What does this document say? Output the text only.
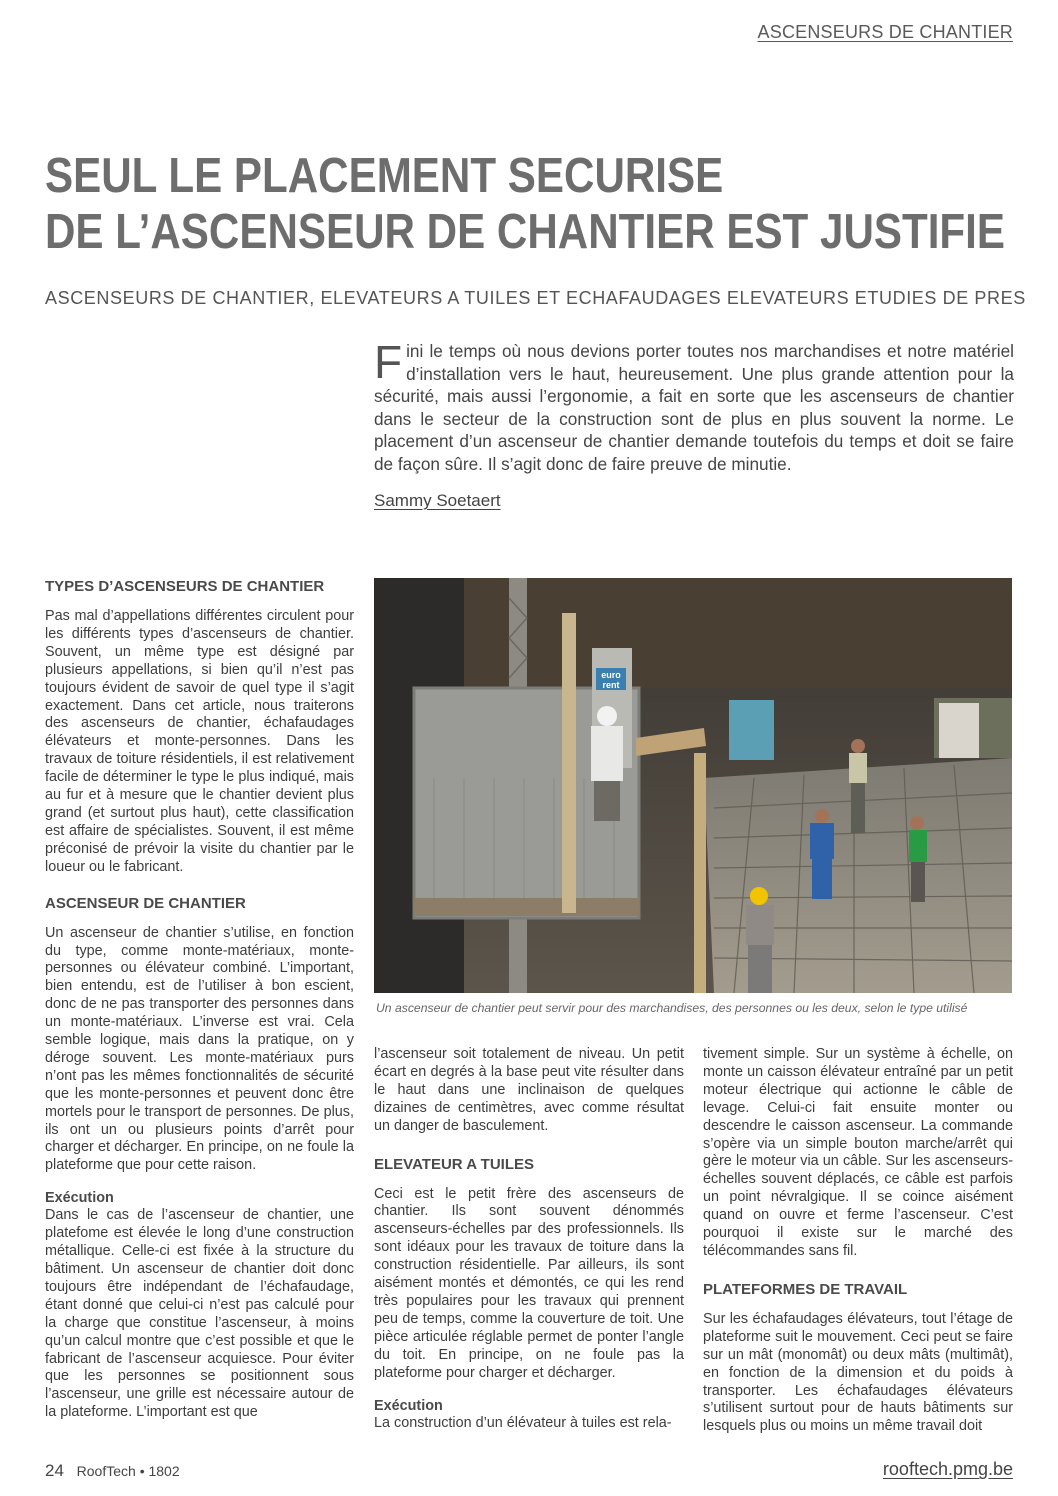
ASCENSEURS DE CHANTIER
SEUL LE PLACEMENT SECURISE
DE L’ASCENSEUR DE CHANTIER EST JUSTIFIE
ASCENSEURS DE CHANTIER, ELEVATEURS A TUILES ET ECHAFAUDAGES ELEVATEURS ETUDIES DE PRES
Fini le temps où nous devions porter toutes nos marchandises et notre matériel d’installation vers le haut, heureusement. Une plus grande attention pour la sécurité, mais aussi l’ergonomie, a fait en sorte que les ascenseurs de chantier dans le secteur de la construction sont de plus en plus souvent la norme. Le placement d’un ascenseur de chantier demande toutefois du temps et doit se faire de façon sûre. Il s’agit donc de faire preuve de minutie.
Sammy Soetaert
TYPES D’ASCENSEURS DE CHANTIER

Pas mal d’appellations différentes circulent pour les différents types d’ascenseurs de chantier. Souvent, un même type est désigné par plusieurs appellations, si bien qu’il n’est pas toujours évident de savoir de quel type il s’agit exactement. Dans cet article, nous traiterons des ascenseurs de chantier, échafaudages élévateurs et monte-personnes. Dans les travaux de toiture résidentiels, il est relativement facile de déterminer le type le plus indiqué, mais au fur et à mesure que le chantier devient plus grand (et surtout plus haut), cette classification est affaire de spécialistes. Souvent, il est même préconisé de prévoir la visite du chantier par le loueur ou le fabricant.

ASCENSEUR DE CHANTIER

Un ascenseur de chantier s’utilise, en fonction du type, comme monte-matériaux, monte-personnes ou élévateur combiné. L’important, bien entendu, est de l’utiliser à bon escient, donc de ne pas transporter des personnes dans un monte-matériaux. L’inverse est vrai. Cela semble logique, mais dans la pratique, on y déroge souvent. Les monte-matériaux purs n’ont pas les mêmes fonctionnalités de sécurité que les monte-personnes et peuvent donc être mortels pour le transport de personnes. De plus, ils ont un ou plusieurs points d’arrêt pour charger et décharger. En principe, on ne foule la plateforme que pour cette raison.

Exécution

Dans le cas de l’ascenseur de chantier, une platefome est élevée le long d’une construction métallique. Celle-ci est fixée à la structure du bâtiment. Un ascenseur de chantier doit donc toujours être indépendant de l’échafaudage, étant donné que celui-ci n’est pas calculé pour la charge que constitue l’ascenseur, à moins qu’un calcul montre que c’est possible et que le fabricant de l’ascenseur acquiesce. Pour éviter que les personnes se positionnent sous l’ascenseur, une grille est nécessaire autour de la plateforme. L’important est que

euro
rent
Un ascenseur de chantier peut servir pour des marchandises, des personnes ou les deux, selon le type utilisé

l’ascenseur soit totalement de niveau. Un petit écart en degrés à la base peut vite résulter dans le haut dans une inclinaison de quelques dizaines de centimètres, avec comme résultat un danger de basculement.

ELEVATEUR A TUILES

Ceci est le petit frère des ascenseurs de chantier. Ils sont souvent dénommés ascenseurs-échelles par des professionnels. Ils sont idéaux pour les travaux de toiture dans la construction résidentielle. Par ailleurs, ils sont aisément montés et démontés, ce qui les rend très populaires pour les travaux qui prennent peu de temps, comme la couverture de toit. Une pièce articulée réglable permet de ponter l’angle du toit. En principe, on ne foule pas la plateforme pour charger et décharger.

Exécution

La construction d’un élévateur à tuiles est rela-

tivement simple. Sur un système à échelle, on monte un caisson élévateur entraîné par un petit moteur électrique qui actionne le câble de levage. Celui-ci fait ensuite monter ou descendre le caisson ascenseur. La commande s’opère via un simple bouton marche/arrêt qui gère le moteur via un câble. Sur les ascenseurs-échelles souvent déplacés, ce câble est parfois un point névralgique. Il se coince aisément quand on ouvre et ferme l’ascenseur. C’est pourquoi il existe sur le marché des télécommandes sans fil.

PLATEFORMES DE TRAVAIL

Sur les échafaudages élévateurs, tout l’étage de plateforme suit le mouvement. Ceci peut se faire sur un mât (monomât) ou deux mâts (multimât), en fonction de la dimension et du poids à transporter. Les échafaudages élévateurs s’utilisent surtout pour de hauts bâtiments sur lesquels plus ou moins un même travail doit

24 RoofTech • 1802	rooftech.pmg.be
